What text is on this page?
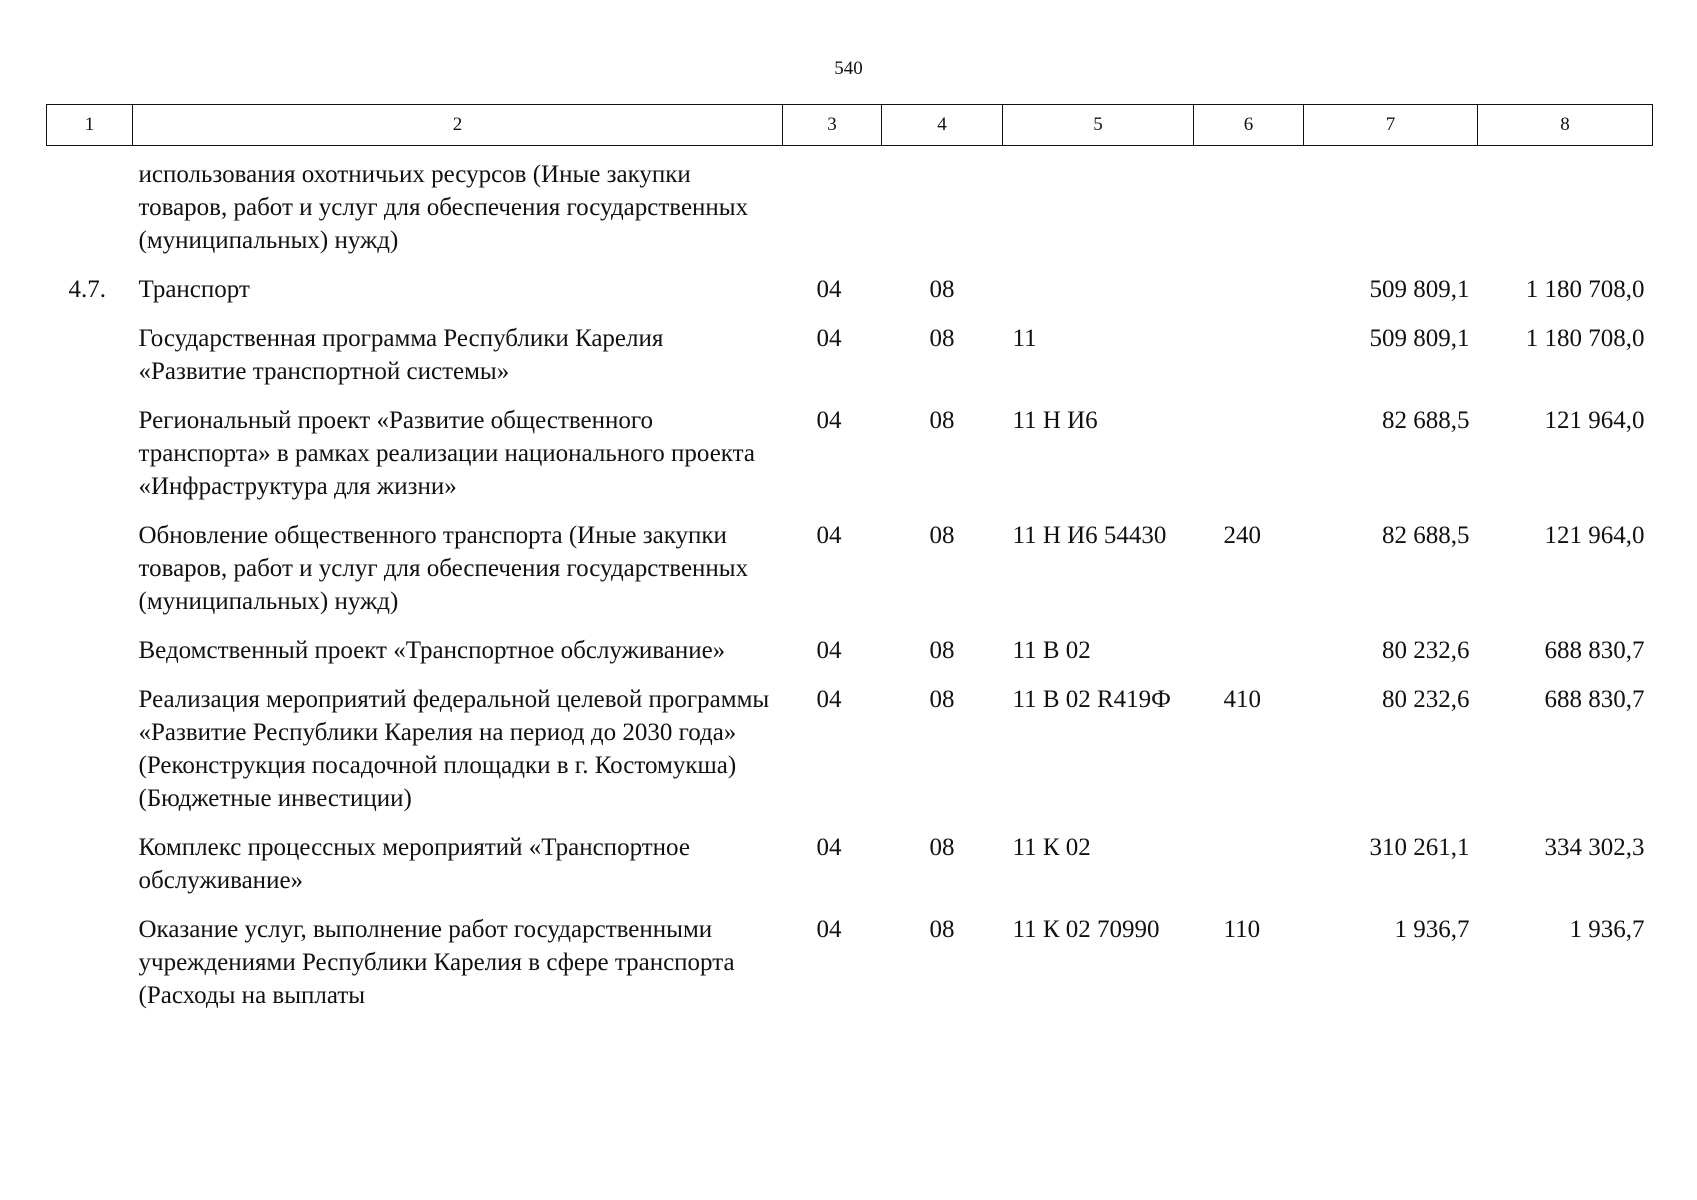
540
1	2	3	4	5	6	7	8
	использования охотничьих ресурсов (Иные закупки товаров, работ и услуг для обеспечения государственных (муниципальных) нужд)						
4.7.	Транспорт	04	08			509 809,1	1 180 708,0
	Государственная программа Республики Карелия «Развитие транспортной системы»	04	08	11		509 809,1	1 180 708,0
	Региональный проект «Развитие общественного транспорта» в рамках реализации национального проекта «Инфраструктура для жизни»	04	08	11 Н И6		82 688,5	121 964,0
	Обновление общественного транспорта (Иные закупки товаров, работ и услуг для обеспечения государственных (муниципальных) нужд)	04	08	11 Н И6 54430	240	82 688,5	121 964,0
	Ведомственный проект «Транспортное обслуживание»	04	08	11 В 02		80 232,6	688 830,7
	Реализация мероприятий федеральной целевой программы «Развитие Республики Карелия на период до 2030 года» (Реконструкция посадочной площадки в г. Костомукша) (Бюджетные инвестиции)	04	08	11 В 02 R419Ф	410	80 232,6	688 830,7
	Комплекс процессных мероприятий «Транспортное обслуживание»	04	08	11 К 02		310 261,1	334 302,3
	Оказание услуг, выполнение работ государственными учреждениями Республики Карелия в сфере транспорта (Расходы на выплаты	04	08	11 К 02 70990	110	1 936,7	1 936,7
